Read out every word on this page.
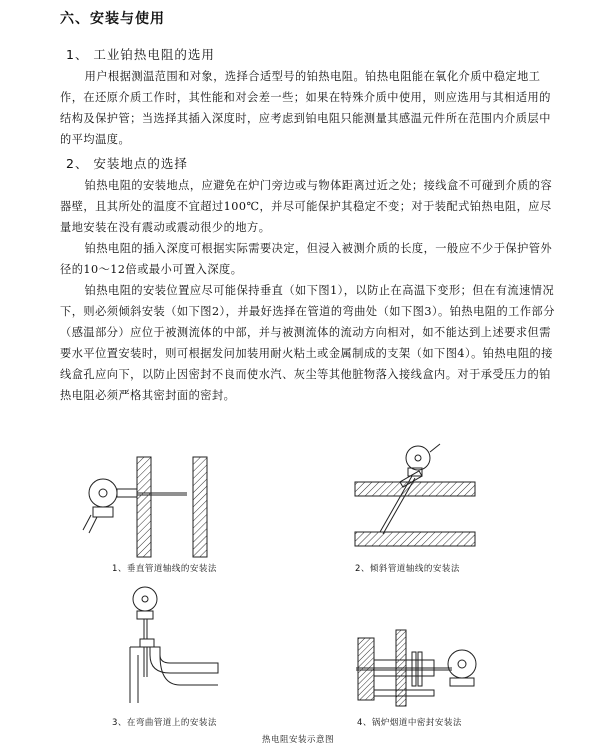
六、安装与使用
1、 工业铂热电阻的选用

用户根据测温范围和对象，选择合适型号的铂热电阻。铂热电阻能在氧化介质中稳定地工作，在还原介质工作时，其性能和对会差一些；如果在特殊介质中使用，则应选用与其相适用的结构及保护管；当选择其插入深度时，应考虑到铂电阻只能测量其感温元件所在范围内介质层中的平均温度。

2、 安装地点的选择

铂热电阻的安装地点，应避免在炉门旁边或与物体距离过近之处；接线盒不可碰到介质的容器壁，且其所处的温度不宜超过100℃，并尽可能保护其稳定不变；对于装配式铂热电阻，应尽量地安装在没有震动或震动很少的地方。

铂热电阻的插入深度可根据实际需要决定，但浸入被测介质的长度，一般应不少于保护管外径的10～12倍或最小可置入深度。

铂热电阻的安装位置应尽可能保持垂直（如下图1），以防止在高温下变形；但在有流速情况下，则必须倾斜安装（如下图2），并最好选择在管道的弯曲处（如下图3）。铂热电阻的工作部分（感温部分）应位于被测流体的中部，并与被测流体的流动方向相对，如不能达到上述要求但需要水平位置安装时，则可根据发问加装用耐火粘土或金属制成的支架（如下图4）。铂热电阻的接线盒孔应向下，以防止因密封不良而使水汽、灰尘等其他脏物落入接线盒内。对于承受压力的铂热电阻必须严格其密封面的密封。

1、垂直管道轴线的安装法	2、倾斜管道轴线的安装法
3、在弯曲管道上的安装法	4、锅炉烟道中密封安装法
热电阻安装示意图
